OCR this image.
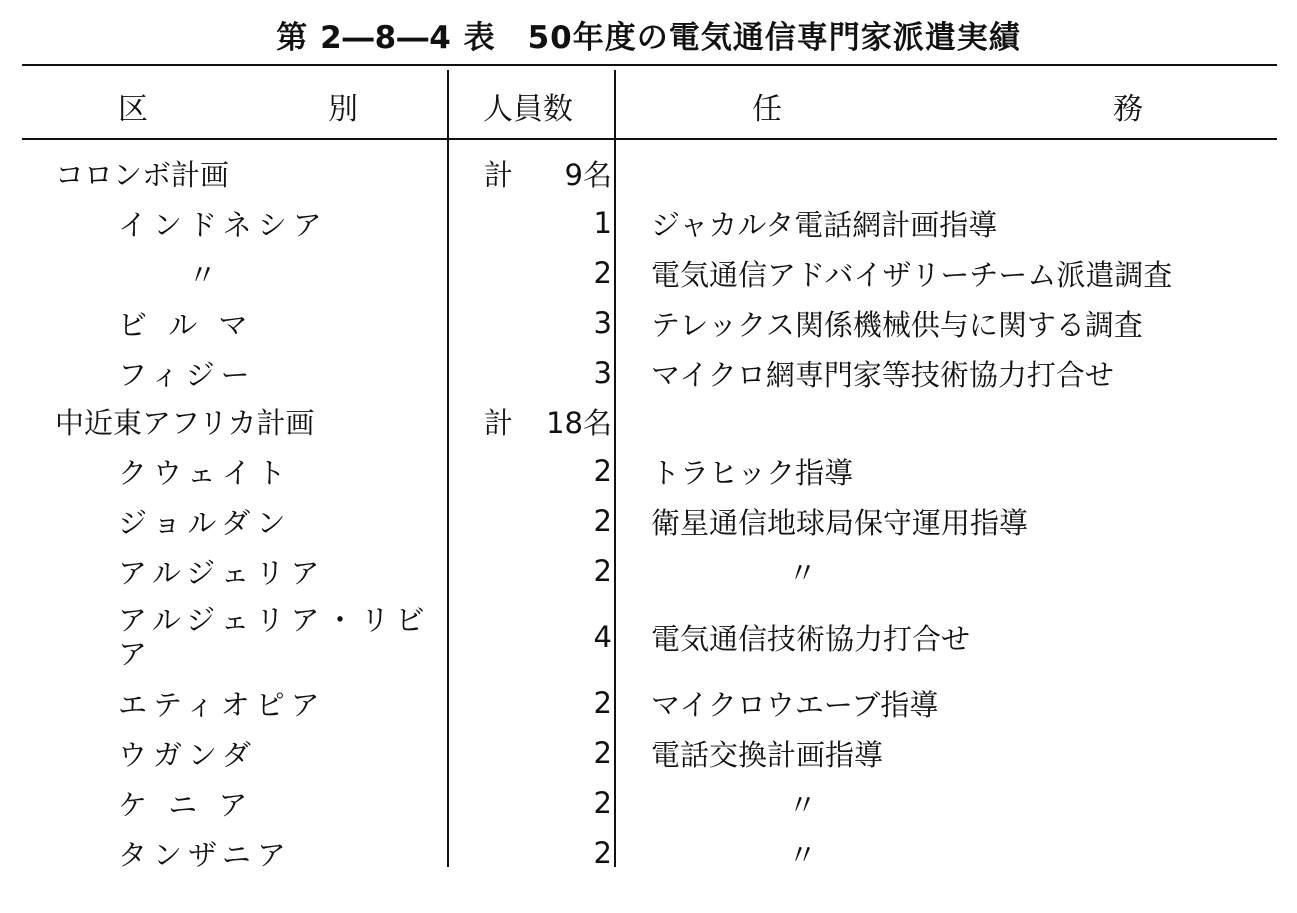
第 2―8―4 表　50年度の電気通信専門家派遣実績
区　　　　　　別	人員数	任	務
コロンボ計画	計	9名
インドネシア	1 ジャカルタ電話網計画指導
〃	2 電気通信アドバイザリーチーム派遣調査
ビ ル マ	3 テレックス関係機械供与に関する調査
フィジー	3 マイクロ網専門家等技術協力打合せ
中近東アフリカ計画	計	18名
クウェイト	2 トラヒック指導
ジョルダン	2 衛星通信地球局保守運用指導
アルジェリア	2	〃
アルジェリア・リビア	4 電気通信技術協力打合せ
エティオピア	2 マイクロウエーブ指導
ウガンダ	2 電話交換計画指導
ケ ニ ア	2	〃
タンザニア	2	〃
